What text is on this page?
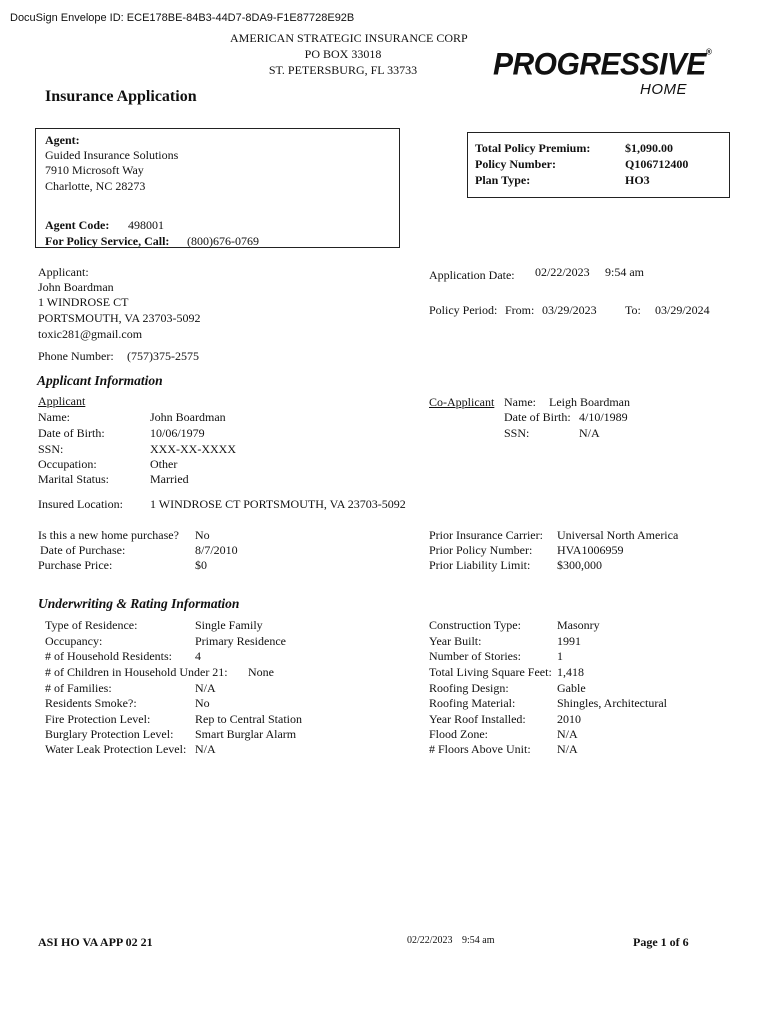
DocuSign Envelope ID: ECE178BE-84B3-44D7-8DA9-F1E87728E92B
AMERICAN STRATEGIC INSURANCE CORP
PO BOX 33018
ST. PETERSBURG, FL 33733	PROGRESSIVE®
HOME
Insurance Application
Agent:
Guided Insurance Solutions
7910 Microsoft Way
Charlotte, NC 28273
Agent Code: 498001
For Policy Service, Call: (800)676-0769
Total Policy Premium:	$1,090.00
Policy Number:	Q106712400
Plan Type:	HO3
Applicant:
John Boardman
1 WINDROSE CT
PORTSMOUTH, VA 23703-5092
toxic281@gmail.com
Phone Number: (757)375-2575
Application Date: 02/22/2023 9:54 am
Policy Period: From: 03/29/2023 To: 03/29/2024
Applicant Information
Applicant
Name:	John Boardman
Date of Birth:	10/06/1979
SSN:	XXX-XX-XXXX
Occupation:	Other
Marital Status:	Married
Co-Applicant Name: Leigh Boardman
Date of Birth: 4/10/1989
SSN:	N/A
Insured Location: 1 WINDROSE CT PORTSMOUTH, VA 23703-5092
Is this a new home purchase? No
Date of Purchase:	8/7/2010
Purchase Price:	$0
Prior Insurance Carrier: Universal North America
Prior Policy Number: HVA1006959
Prior Liability Limit: $300,000
Underwriting & Rating Information
Type of Residence:	Single Family
Occupancy:	Primary Residence
# of Household Residents: 4
# of Children in Household Under 21: None
# of Families:	N/A
Residents Smoke?:	No
Fire Protection Level:	Rep to Central Station
Burglary Protection Level: Smart Burglar Alarm
Water Leak Protection Level: N/A
Construction Type:	Masonry
Year Built:	1991
Number of Stories:	1
Total Living Square Feet: 1,418
Roofing Design:	Gable
Roofing Material:	Shingles, Architectural
Year Roof Installed:	2010
Flood Zone:	N/A
# Floors Above Unit: N/A
ASI HO VA APP 02 21	02/22/2023 9:54 am	Page 1 of 6
